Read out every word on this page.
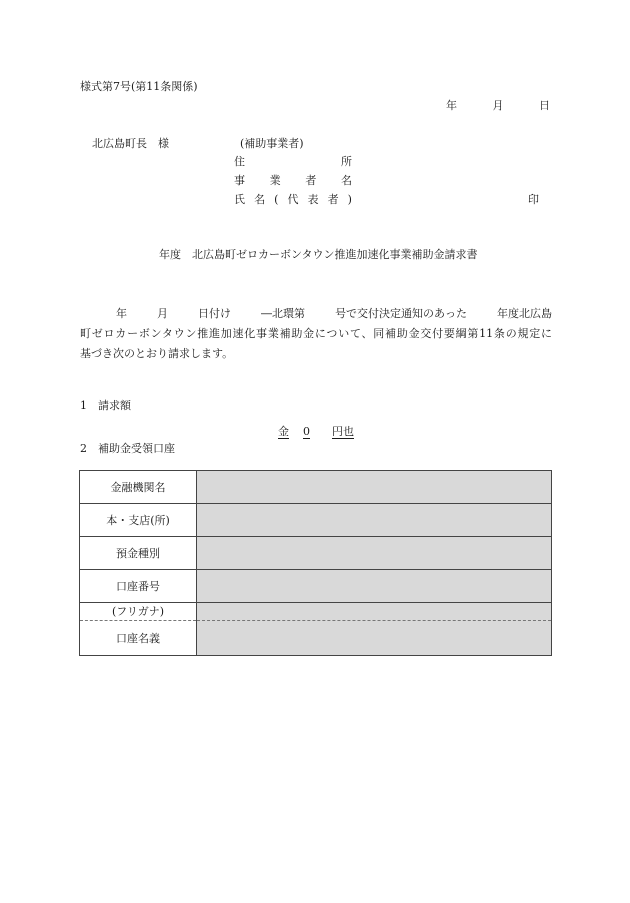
様式第7号(第11条関係)
年	月	日
北広島町長　様	(補助事業者)
住	所
事 業 者 名
氏 名 ( 代 表 者 )	印
年度　北広島町ゼロカーボンタウン推進加速化事業補助金請求書
年	月	日付け	―北環第	号で交付決定通知のあった	年度北広島
町ゼロカーボンタウン推進加速化事業補助金について、同補助金交付要綱第11条の規定に
基づき次のとおり請求します。
1　請求額
金 0 円也
2　補助金受領口座
金融機関名	
本・支店(所)	
預金種別	
口座番号	
(フリガナ)	
口座名義	
